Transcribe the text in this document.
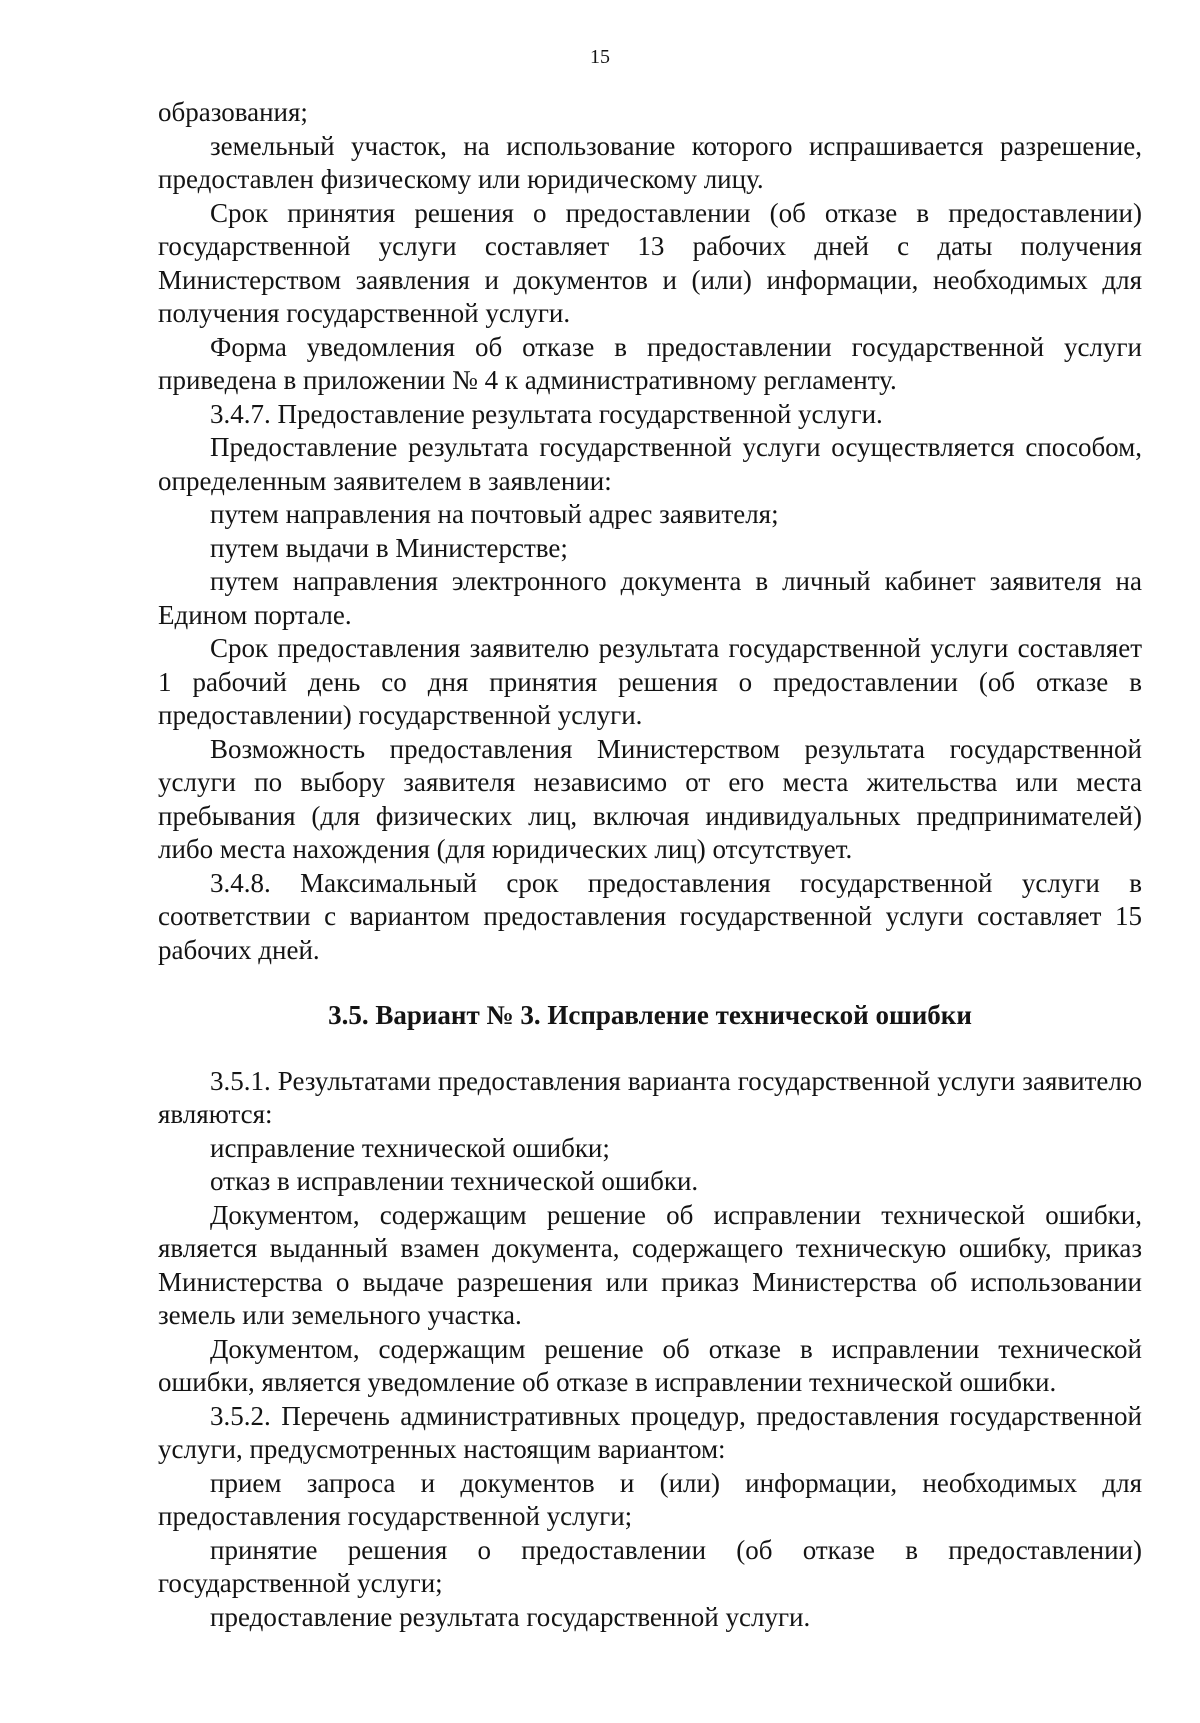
15

образования;

земельный участок, на использование которого испрашивается разрешение, предоставлен физическому или юридическому лицу.

Срок принятия решения о предоставлении (об отказе в предоставлении) государственной услуги составляет 13 рабочих дней с даты получения Министерством заявления и документов и (или) информации, необходимых для получения государственной услуги.

Форма уведомления об отказе в предоставлении государственной услуги приведена в приложении № 4 к административному регламенту.

3.4.7. Предоставление результата государственной услуги.

Предоставление результата государственной услуги осуществляется способом, определенным заявителем в заявлении:

путем направления на почтовый адрес заявителя;

путем выдачи в Министерстве;

путем направления электронного документа в личный кабинет заявителя на Едином портале.

Срок предоставления заявителю результата государственной услуги составляет 1 рабочий день со дня принятия решения о предоставлении (об отказе в предоставлении) государственной услуги.

Возможность предоставления Министерством результата государственной услуги по выбору заявителя независимо от его места жительства или места пребывания (для физических лиц, включая индивидуальных предпринимателей) либо места нахождения (для юридических лиц) отсутствует.

3.4.8. Максимальный срок предоставления государственной услуги в соответствии с вариантом предоставления государственной услуги составляет 15 рабочих дней.

3.5. Вариант № 3. Исправление технической ошибки

3.5.1. Результатами предоставления варианта государственной услуги заявителю являются:

исправление технической ошибки;

отказ в исправлении технической ошибки.

Документом, содержащим решение об исправлении технической ошибки, является выданный взамен документа, содержащего техническую ошибку, приказ Министерства о выдаче разрешения или приказ Министерства об использовании земель или земельного участка.

Документом, содержащим решение об отказе в исправлении технической ошибки, является уведомление об отказе в исправлении технической ошибки.

3.5.2. Перечень административных процедур, предоставления государственной услуги, предусмотренных настоящим вариантом:

прием запроса и документов и (или) информации, необходимых для предоставления государственной услуги;

принятие решения о предоставлении (об отказе в предоставлении) государственной услуги;

предоставление результата государственной услуги.
